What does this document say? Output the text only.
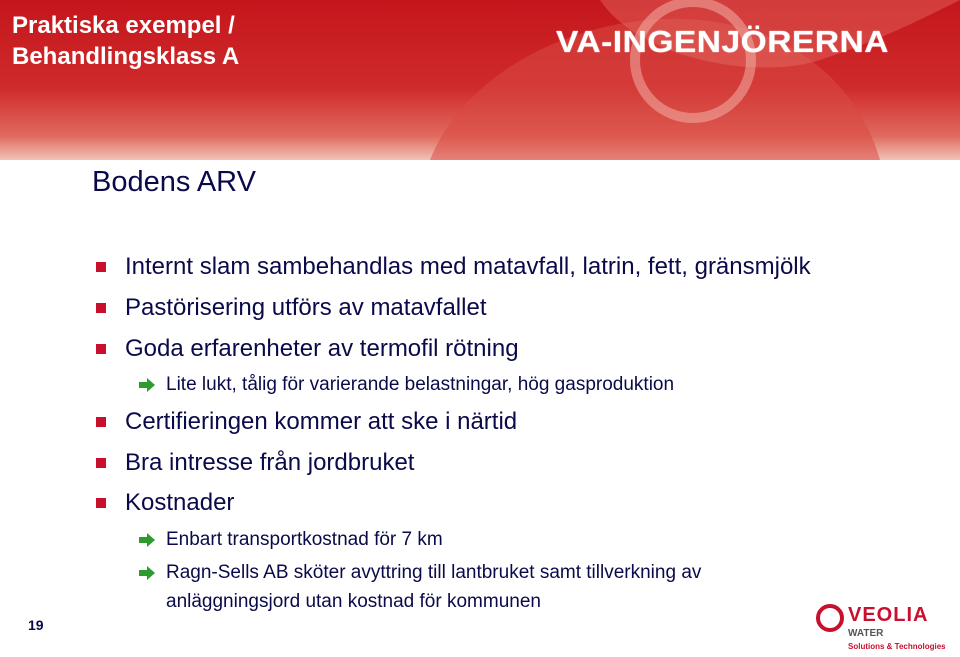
Praktiska exempel /
Behandlingsklass A	VA-INGENJÖRERNA
Bodens ARV
Internt slam sambehandlas med matavfall, latrin, fett, gränsmjölk
Pastörisering utförs av matavfallet
Goda erfarenheter av termofil rötning
Lite lukt, tålig för varierande belastningar, hög gasproduktion
Certifieringen kommer att ske i närtid
Bra intresse från jordbruket
Kostnader
Enbart transportkostnad för 7 km
Ragn-Sells AB sköter avyttring till lantbruket samt tillverkning av
anläggningsjord utan kostnad för kommunen
19	VEOLIA
WATER
Solutions & Technologies
